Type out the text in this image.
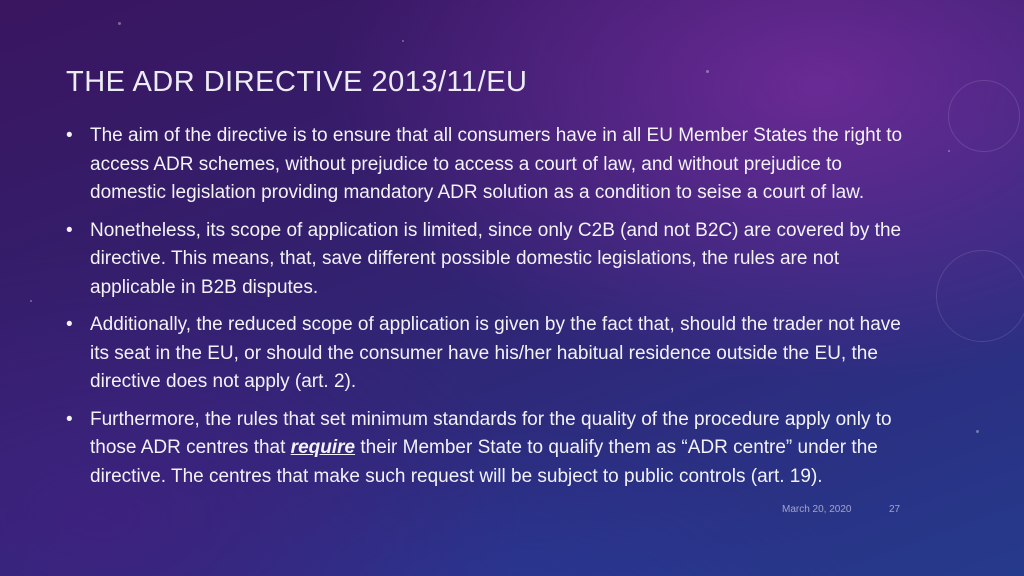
THE ADR DIRECTIVE 2013/11/EU
• The aim of the directive is to ensure that all consumers have in all EU Member States the right to access ADR schemes, without prejudice to access a court of law, and without prejudice to domestic legislation providing mandatory ADR solution as a condition to seise a court of law.
• Nonetheless, its scope of application is limited, since only C2B (and not B2C) are covered by the directive. This means, that, save different possible domestic legislations, the rules are not applicable in B2B disputes.
• Additionally, the reduced scope of application is given by the fact that, should the trader not have its seat in the EU, or should the consumer have his/her habitual residence outside the EU, the directive does not apply (art. 2).
• Furthermore, the rules that set minimum standards for the quality of the procedure apply only to those ADR centres that require their Member State to qualify them as “ADR centre” under the directive. The centres that make such request will be subject to public controls (art. 19).
March 20, 2020	27
